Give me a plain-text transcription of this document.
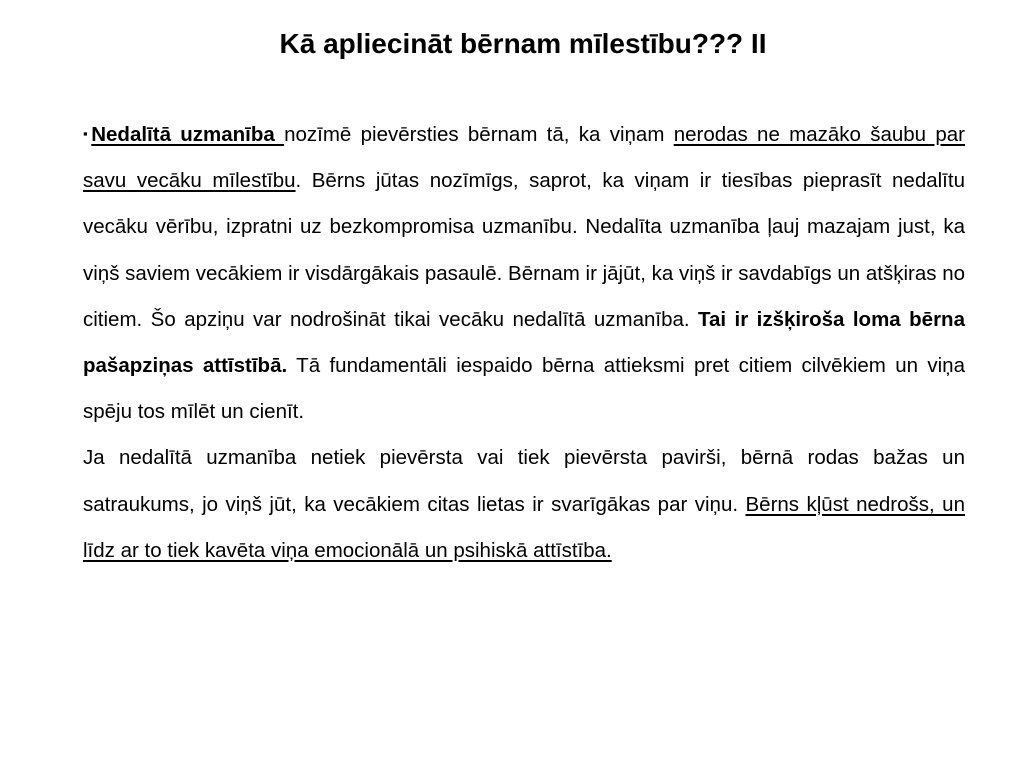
Kā apliecināt bērnam mīlestību??? II

▪Nedalītā uzmanība nozīmē pievērsties bērnam tā, ka viņam nerodas ne mazāko šaubu par savu vecāku mīlestību. Bērns jūtas nozīmīgs, saprot, ka viņam ir tiesības pieprasīt nedalītu vecāku vērību, izpratni uz bezkompromisa uzmanību. Nedalīta uzmanība ļauj mazajam just, ka viņš saviem vecākiem ir visdārgākais pasaulē. Bērnam ir jājūt, ka viņš ir savdabīgs un atšķiras no citiem. Šo apziņu var nodrošināt tikai vecāku nedalītā uzmanība. Tai ir izšķiroša loma bērna pašapziņas attīstībā. Tā fundamentāli iespaido bērna attieksmi pret citiem cilvēkiem un viņa spēju tos mīlēt un cienīt.

Ja nedalītā uzmanība netiek pievērsta vai tiek pievērsta pavirši, bērnā rodas bažas un satraukums, jo viņš jūt, ka vecākiem citas lietas ir svarīgākas par viņu. Bērns kļūst nedrošs, un līdz ar to tiek kavēta viņa emocionālā un psihiskā attīstība.
